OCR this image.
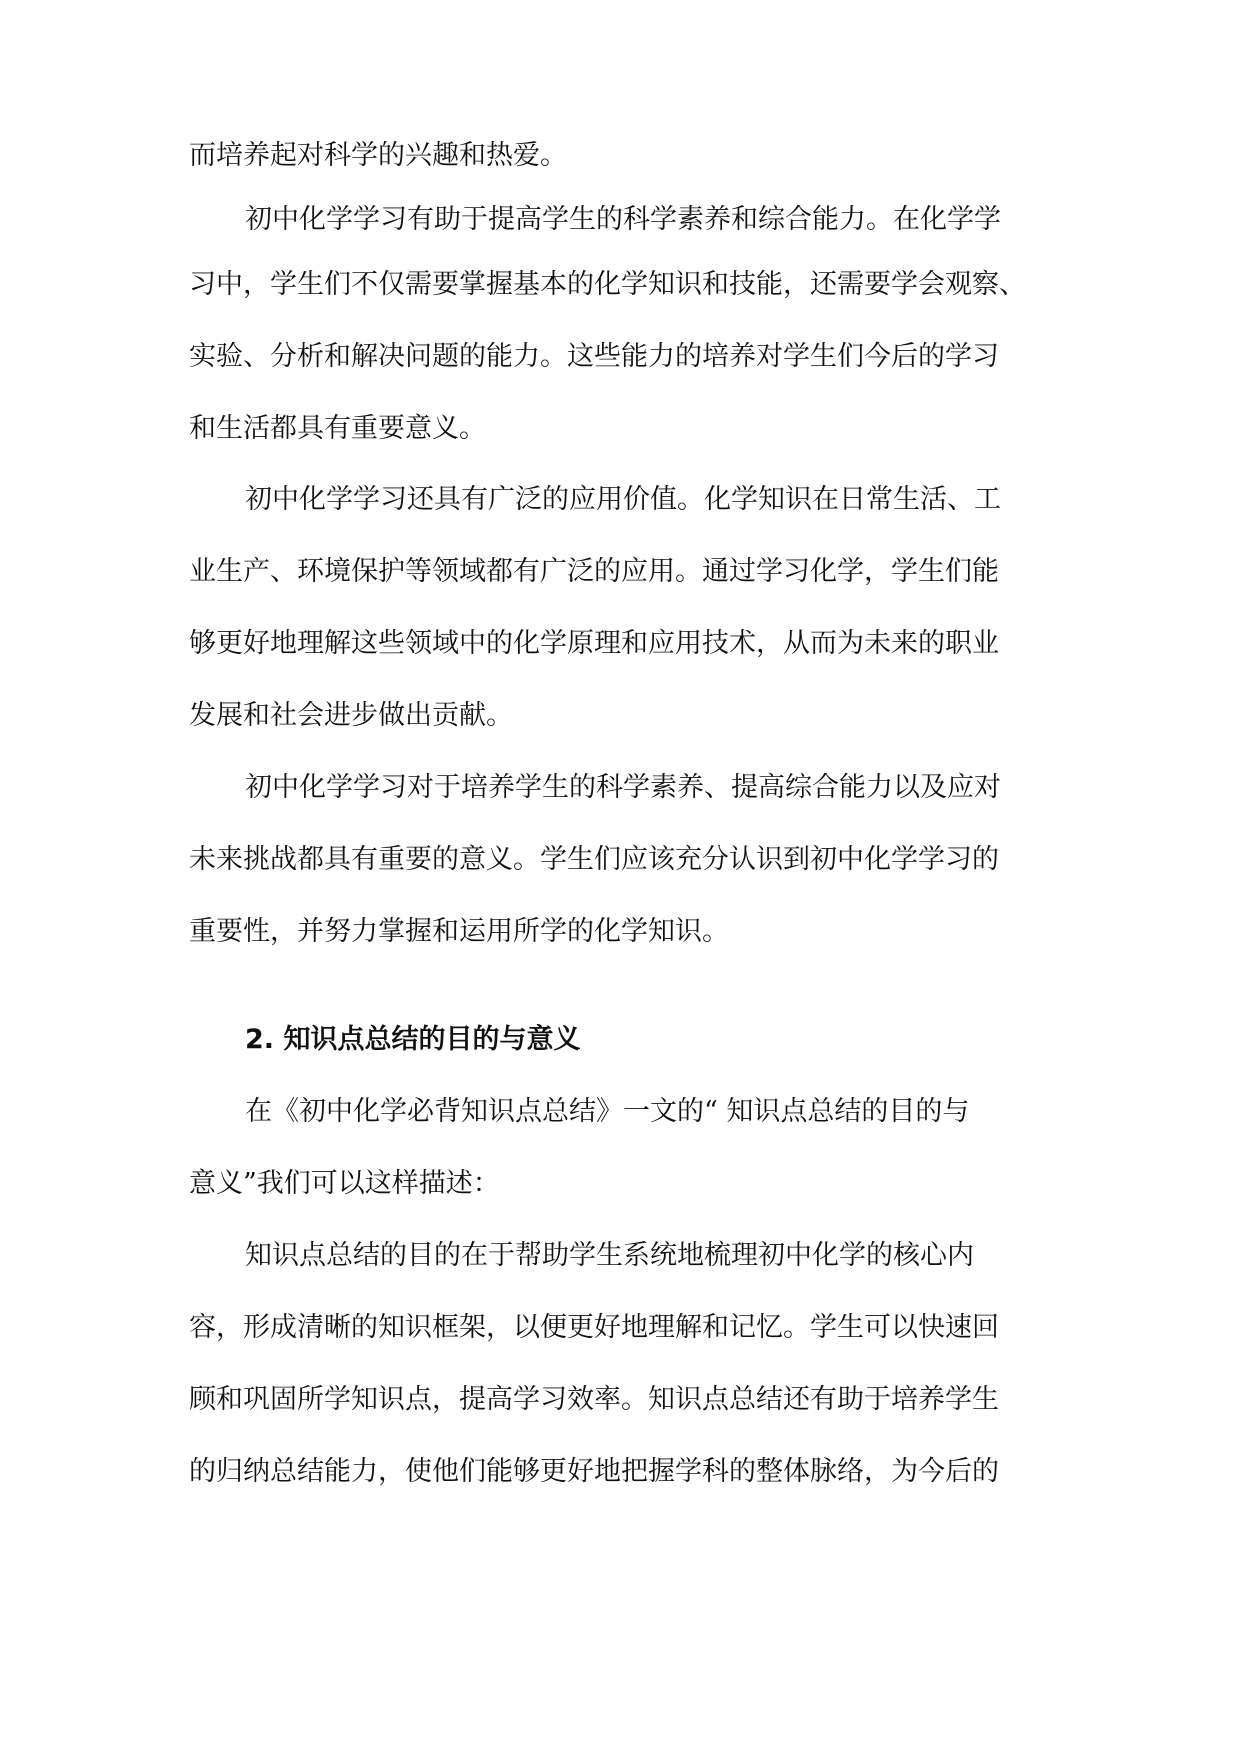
而培养起对科学的兴趣和热爱。
初中化学学习有助于提高学生的科学素养和综合能力。在化学学
习中，学生们不仅需要掌握基本的化学知识和技能，还需要学会观察、
实验、分析和解决问题的能力。这些能力的培养对学生们今后的学习
和生活都具有重要意义。
初中化学学习还具有广泛的应用价值。化学知识在日常生活、工
业生产、环境保护等领域都有广泛的应用。通过学习化学，学生们能
够更好地理解这些领域中的化学原理和应用技术，从而为未来的职业
发展和社会进步做出贡献。
初中化学学习对于培养学生的科学素养、提高综合能力以及应对
未来挑战都具有重要的意义。学生们应该充分认识到初中化学学习的
重要性，并努力掌握和运用所学的化学知识。
2. 知识点总结的目的与意义
在《初中化学必背知识点总结》一文的“ 知识点总结的目的与
意义”我们可以这样描述：
知识点总结的目的在于帮助学生系统地梳理初中化学的核心内
容，形成清晰的知识框架，以便更好地理解和记忆。学生可以快速回
顾和巩固所学知识点，提高学习效率。知识点总结还有助于培养学生
的归纳总结能力，使他们能够更好地把握学科的整体脉络，为今后的
